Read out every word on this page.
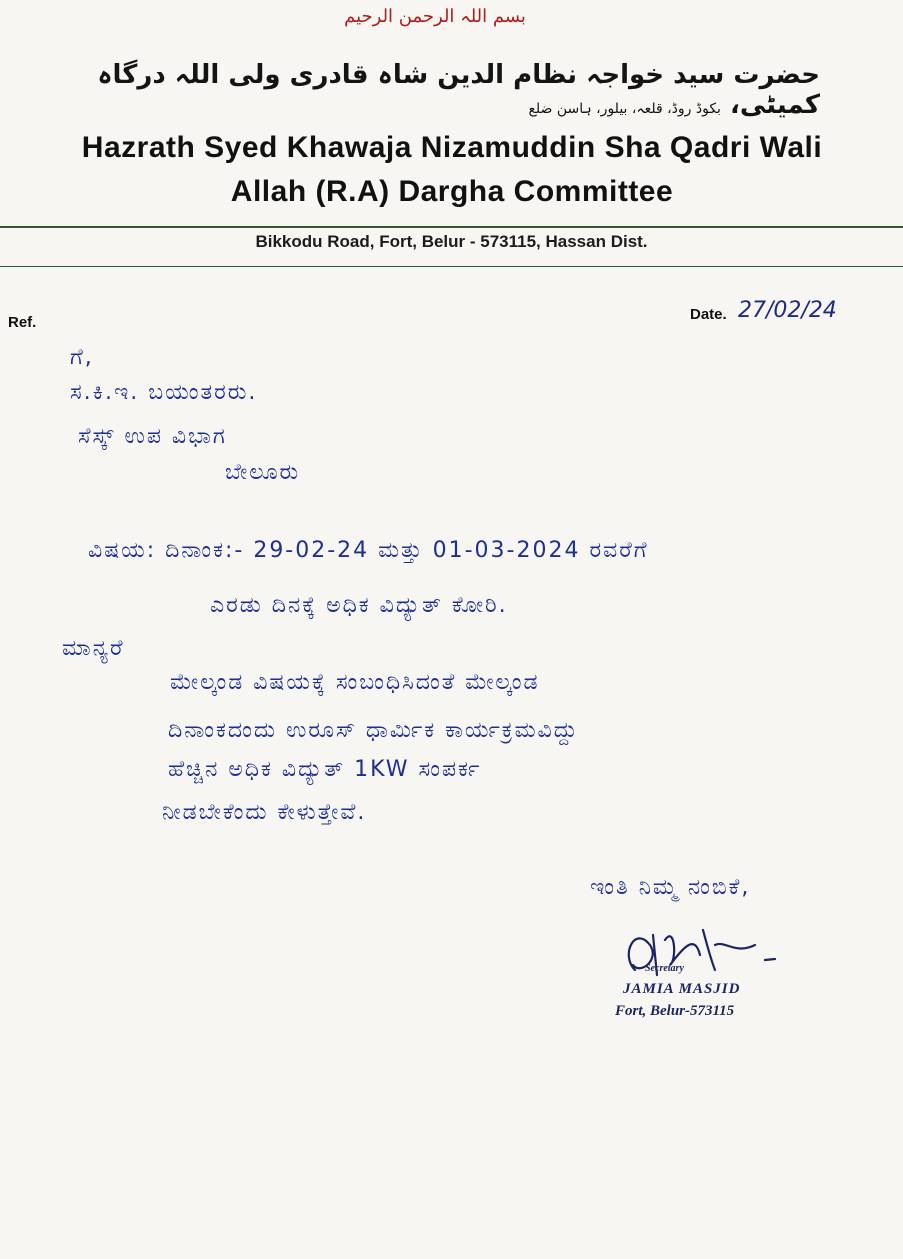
بسم اللہ الرحمن الرحیم
حضرت سید خواجہ نظام الدین شاہ قادری ولی اللہ درگاہ کمیٹی، بکوڈ روڈ، قلعہ، بیلور، ہاسن ضلع
Hazrath Syed Khawaja Nizamuddin Sha Qadri Wali
Allah (R.A) Dargha Committee
Bikkodu Road, Fort, Belur - 573115, Hassan Dist.
Ref.	Date. 27/02/24
ಗೆ,
ಸ.ಕಿ.ಇ. ಬಯಂತರರು.
ಸೆಸ್ಕ್ ಉಪ ವಿಭಾಗ
ಬೇಲೂರು
ವಿಷಯ: ದಿನಾಂಕ:- 29-02-24 ಮತ್ತು 01-03-2024 ರವರೆಗೆ
ಎರಡು ದಿನಕ್ಕೆ ಅಧಿಕ ವಿದ್ಯುತ್ ಕೋರಿ.
ಮಾನ್ಯರೆ
ಮೇಲ್ಕಂಡ ವಿಷಯಕ್ಕೆ ಸಂಬಂಧಿಸಿದಂತೆ ಮೇಲ್ಕಂಡ
ದಿನಾಂಕದಂದು ಉರೂಸ್ ಧಾರ್ಮಿಕ ಕಾರ್ಯಕ್ರಮವಿದ್ದು
ಹೆಚ್ಚಿನ ಅಧಿಕ ವಿದ್ಯುತ್ 1KW ಸಂಪರ್ಕ
ನೀಡಬೇಕೆಂದು ಕೇಳುತ್ತೇವೆ.
ಇಂತಿ ನಿಮ್ಮ ನಂಬಿಕೆ,
Secretary
JAMIA MASJID
Fort, Belur-573115
